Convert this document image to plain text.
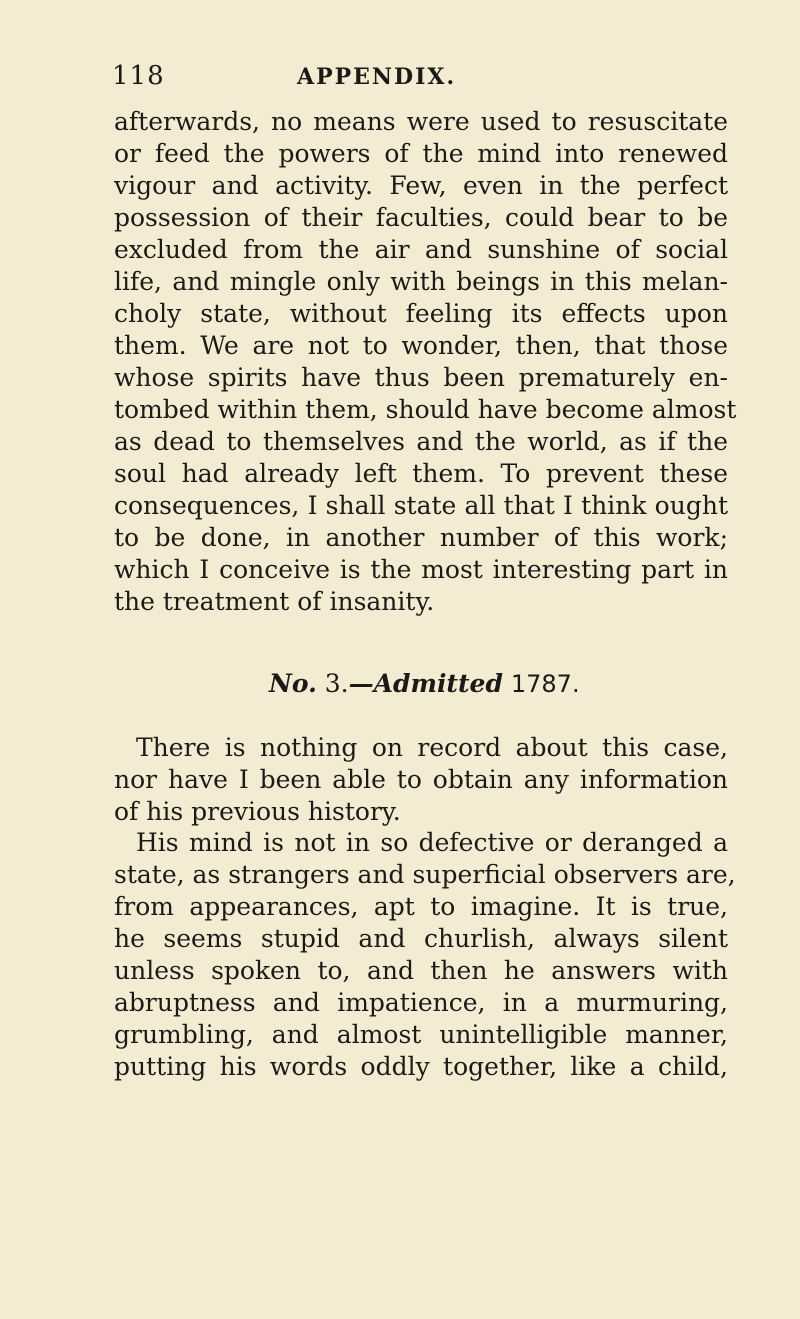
118	APPENDIX.
afterwards, no means were used to resuscitate
or feed the powers of the mind into renewed
vigour and activity. Few, even in the perfect
possession of their faculties, could bear to be
excluded from the air and sunshine of social
life, and mingle only with beings in this melan-
choly state, without feeling its effects upon
them. We are not to wonder, then, that those
whose spirits have thus been prematurely en-
tombed within them, should have become almost
as dead to themselves and the world, as if the
soul had already left them. To prevent these
consequences, I shall state all that I think ought
to be done, in another number of this work;
which I conceive is the most interesting part in
the treatment of insanity.
No. 3.—Admitted 1787.
There is nothing on record about this case,
nor have I been able to obtain any information
of his previous history.
His mind is not in so defective or deranged a
state, as strangers and superficial observers are,
from appearances, apt to imagine. It is true,
he seems stupid and churlish, always silent
unless spoken to, and then he answers with
abruptness and impatience, in a murmuring,
grumbling, and almost unintelligible manner,
putting his words oddly together, like a child,
